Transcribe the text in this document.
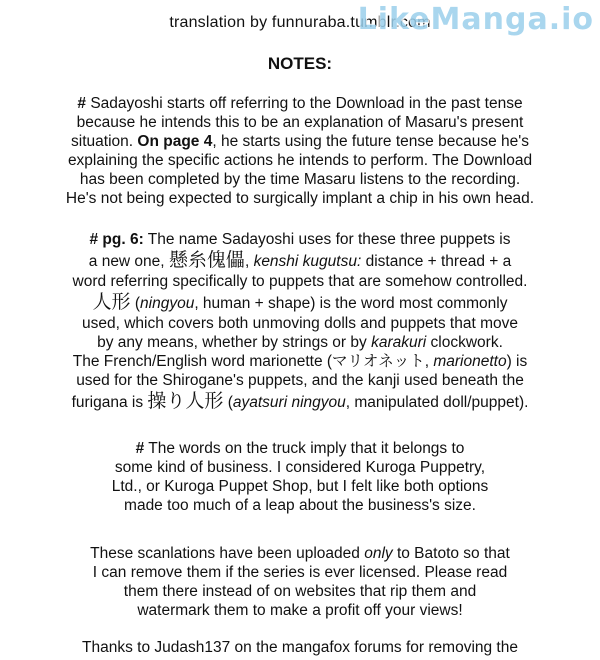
translation by funnuraba.tumblr.com
LikeManga.io
NOTES:
# Sadayoshi starts off referring to the Download in the past tense
because he intends this to be an explanation of Masaru's present
situation. On page 4, he starts using the future tense because he's
explaining the specific actions he intends to perform. The Download
has been completed by the time Masaru listens to the recording.
He's not being expected to surgically implant a chip in his own head.
# pg. 6: The name Sadayoshi uses for these three puppets is
a new one, 懸糸傀儡, kenshi kugutsu: distance + thread + a
word referring specifically to puppets that are somehow controlled.
人形 (ningyou, human + shape) is the word most commonly
used, which covers both unmoving dolls and puppets that move
by any means, whether by strings or by karakuri clockwork.
The French/English word marionette (マリオネット, marionetto) is
used for the Shirogane's puppets, and the kanji used beneath the
furigana is 操り人形 (ayatsuri ningyou, manipulated doll/puppet).
# The words on the truck imply that it belongs to
some kind of business. I considered Kuroga Puppetry,
Ltd., or Kuroga Puppet Shop, but I felt like both options
made too much of a leap about the business's size.
These scanlations have been uploaded only to Batoto so that
I can remove them if the series is ever licensed. Please read
them there instead of on websites that rip them and
watermark them to make a profit off your views!
Thanks to Judash137 on the mangafox forums for removing the
